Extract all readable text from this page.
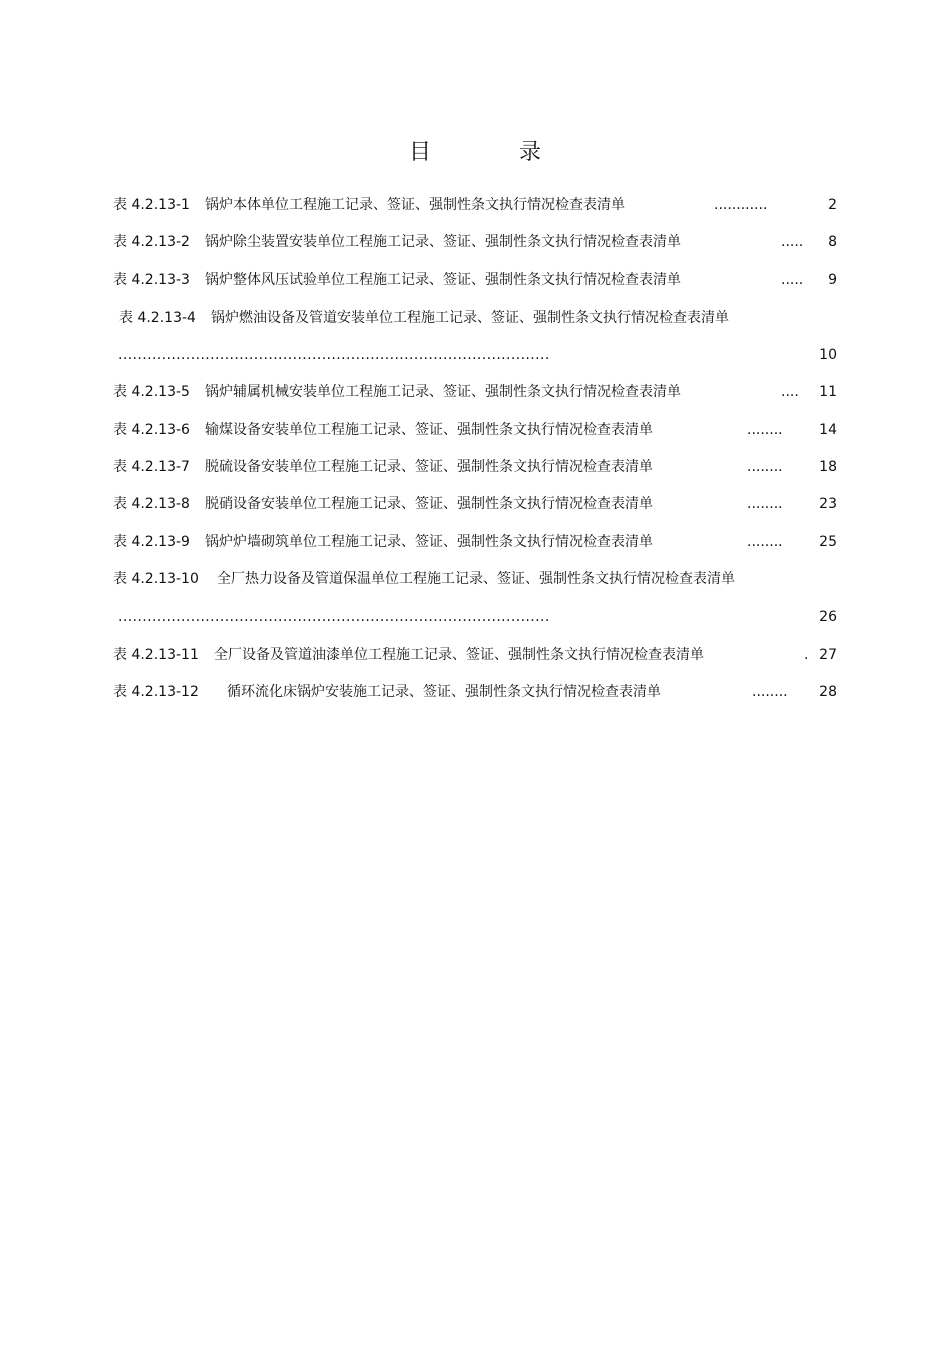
目	录
表 4.2.13-1 锅炉本体单位工程施工记录、签证、强制性条文执行情况检查表清单	............	2
表 4.2.13-2 锅炉除尘装置安装单位工程施工记录、签证、强制性条文执行情况检查表清单	..... 8
表 4.2.13-3 锅炉整体风压试验单位工程施工记录、签证、强制性条文执行情况检查表清单	..... 9
表 4.2.13-4 锅炉燃油设备及管道安装单位工程施工记录、签证、强制性条文执行情况检查表清单
.........................................................................................	10
表 4.2.13-5 锅炉辅属机械安装单位工程施工记录、签证、强制性条文执行情况检查表清单	.... 11
表 4.2.13-6 输煤设备安装单位工程施工记录、签证、强制性条文执行情况检查表清单	........	14
表 4.2.13-7 脱硫设备安装单位工程施工记录、签证、强制性条文执行情况检查表清单	........	18
表 4.2.13-8 脱硝设备安装单位工程施工记录、签证、强制性条文执行情况检查表清单	........	23
表 4.2.13-9 锅炉炉墙砌筑单位工程施工记录、签证、强制性条文执行情况检查表清单	........	25
表 4.2.13-10 全厂热力设备及管道保温单位工程施工记录、签证、强制性条文执行情况检查表清单
.........................................................................................	26
表 4.2.13-11 全厂设备及管道油漆单位工程施工记录、签证、强制性条文执行情况检查表清单	. 27
表 4.2.13-12 循环流化床锅炉安装施工记录、签证、强制性条文执行情况检查表清单	........ 28
